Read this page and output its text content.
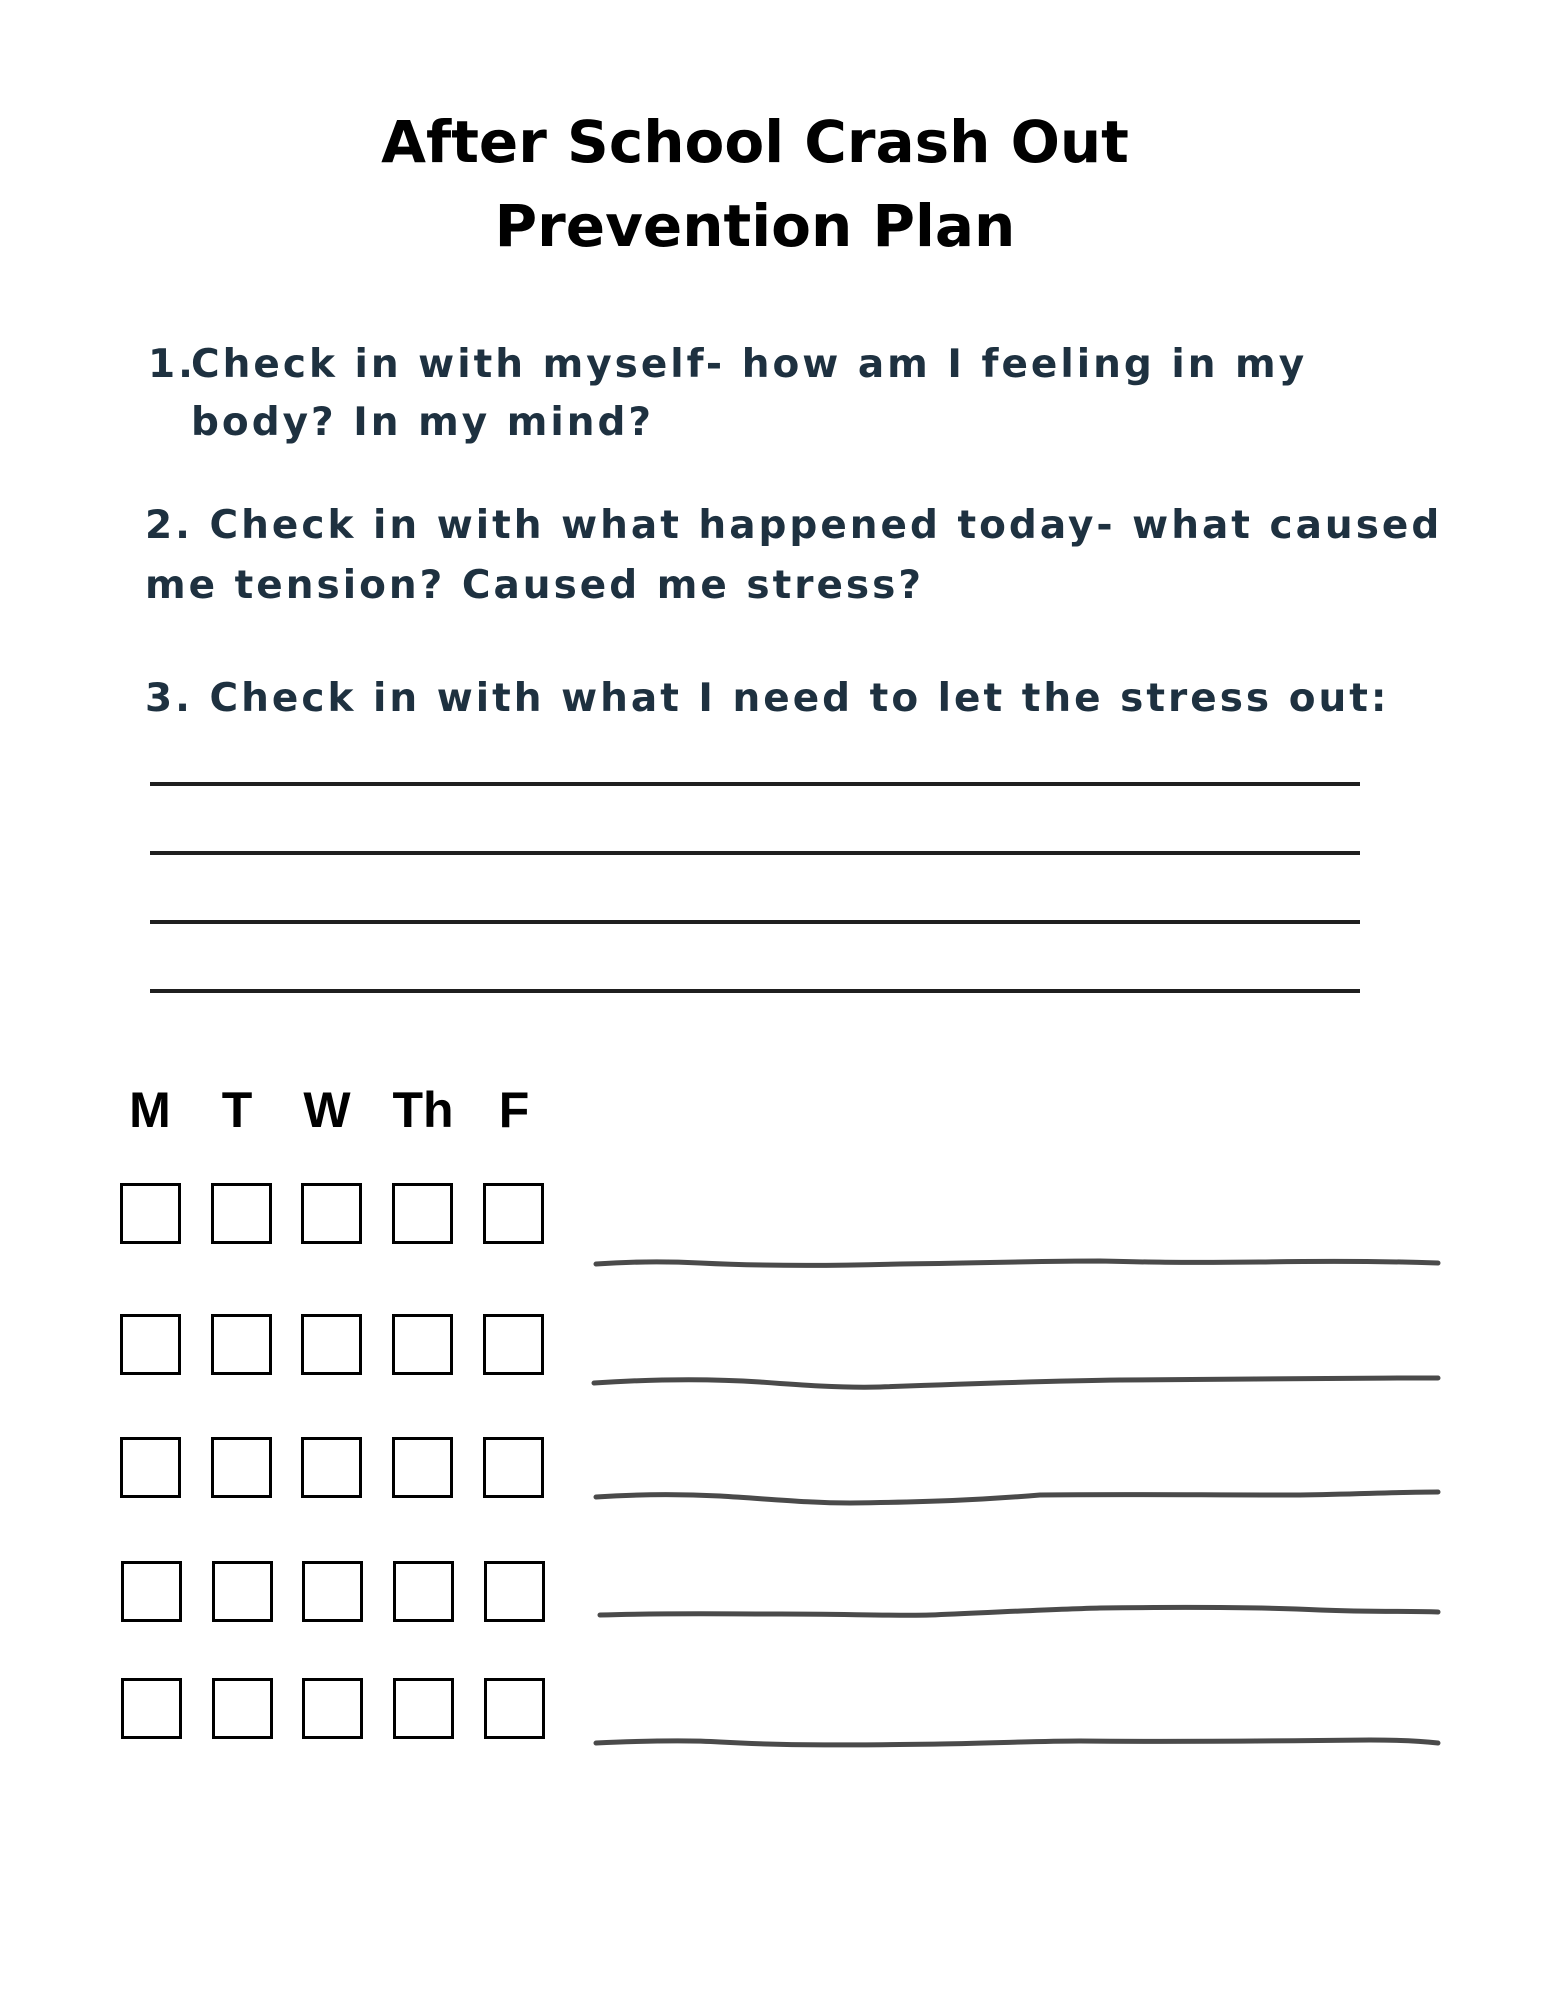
After School Crash Out
Prevention Plan
1.
Check in with myself- how am I feeling in my
body? In my mind?
2. Check in with what happened today- what caused
me tension? Caused me stress?
3. Check in with what I need to let the stress out:
M	T	W Th F
